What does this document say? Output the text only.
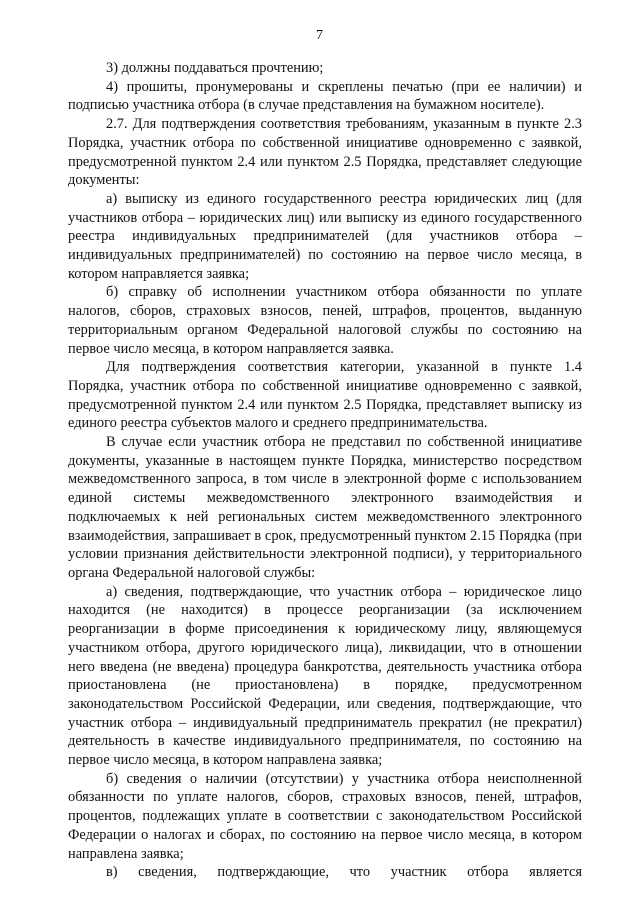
7

3) должны поддаваться прочтению;

4) прошиты, пронумерованы и скреплены печатью (при ее наличии) и подписью участника отбора (в случае представления на бумажном носителе).

2.7. Для подтверждения соответствия требованиям, указанным в пункте 2.3 Порядка, участник отбора по собственной инициативе одновременно с заявкой, предусмотренной пунктом 2.4 или пунктом 2.5 Порядка, представляет следующие документы:

а) выписку из единого государственного реестра юридических лиц (для участников отбора – юридических лиц) или выписку из единого государственного реестра индивидуальных предпринимателей (для участников отбора – индивидуальных предпринимателей) по состоянию на первое число месяца, в котором направляется заявка;

б) справку об исполнении участником отбора обязанности по уплате налогов, сборов, страховых взносов, пеней, штрафов, процентов, выданную территориальным органом Федеральной налоговой службы по состоянию на первое число месяца, в котором направляется заявка.

Для подтверждения соответствия категории, указанной в пункте 1.4 Порядка, участник отбора по собственной инициативе одновременно с заявкой, предусмотренной пунктом 2.4 или пунктом 2.5 Порядка, представляет выписку из единого реестра субъектов малого и среднего предпринимательства.

В случае если участник отбора не представил по собственной инициативе документы, указанные в настоящем пункте Порядка, министерство посредством межведомственного запроса, в том числе в электронной форме с использованием единой системы межведомственного электронного взаимодействия и подключаемых к ней региональных систем межведомственного электронного взаимодействия, запрашивает в срок, предусмотренный пунктом 2.15 Порядка (при условии признания действительности электронной подписи), у территориального органа Федеральной налоговой службы:

а) сведения, подтверждающие, что участник отбора – юридическое лицо находится (не находится) в процессе реорганизации (за исключением реорганизации в форме присоединения к юридическому лицу, являющемуся участником отбора, другого юридического лица), ликвидации, что в отношении него введена (не введена) процедура банкротства, деятельность участника отбора приостановлена (не приостановлена) в порядке, предусмотренном законодательством Российской Федерации, или сведения, подтверждающие, что участник отбора – индивидуальный предприниматель прекратил (не прекратил) деятельность в качестве индивидуального предпринимателя, по состоянию на первое число месяца, в котором направлена заявка;

б) сведения о наличии (отсутствии) у участника отбора неисполненной обязанности по уплате налогов, сборов, страховых взносов, пеней, штрафов, процентов, подлежащих уплате в соответствии с законодательством Российской Федерации о налогах и сборах, по состоянию на первое число месяца, в котором направлена заявка;

в) сведения, подтверждающие, что участник отбора является
